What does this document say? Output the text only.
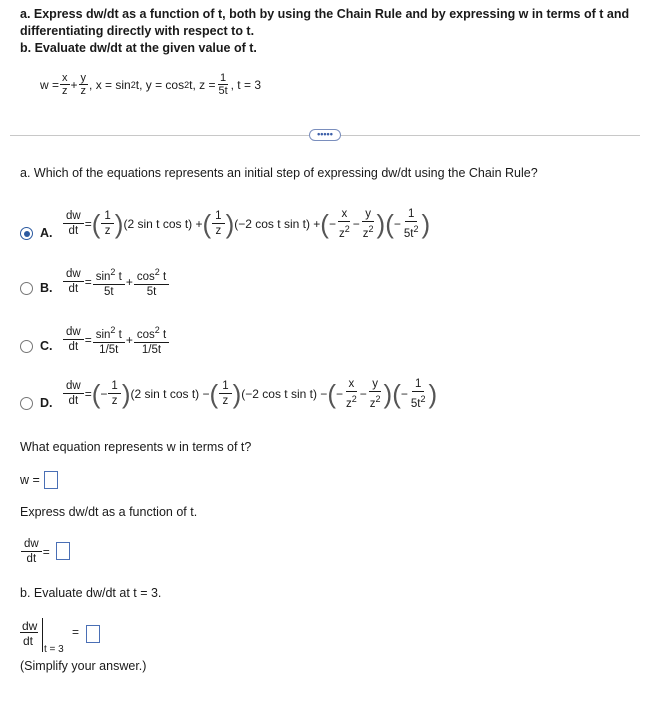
a. Express dw/dt as a function of t, both by using the Chain Rule and by expressing w in terms of t and differentiating directly with respect to t.

b. Evaluate dw/dt at the given value of t.

$w = \frac{x}{z} + \frac{y}{z}$ , x = sin 2 t, y = cos 2 t, $z = \frac{1}{5t}$ , t = 3
•••••
a. Which of the equations represents an initial step of expressing dw/dt using the Chain Rule?
A. $\frac{dw}{dt}$ = ( $\frac{1}{z}$ ) (2 sin t cos t) + ( $\frac{1}{z}$ ) (−2 cos t sin t) + ( − $\frac{x}{z^2} - \frac{y}{z^2}$ ) ( − $\frac{1}{5t^2}$ )
B. $\frac{dw}{dt} = \frac{\sin^2 t}{5t} + \frac{\cos^2 t}{5t}$
C. $\frac{dw}{dt} = \frac{\sin^2 t}{1/5t} + \frac{\cos^2 t}{1/5t}$
D. $\frac{dw}{dt}$ = ( − $\frac{1}{z}$ ) (2 sin t cos t) − ( $\frac{1}{z}$ ) (−2 cos t sin t) − ( − $\frac{x}{z^2} - \frac{y}{z^2}$ ) ( − $\frac{1}{5t^2}$ )
What equation represents w in terms of t?
w =
Express dw/dt as a function of t.
$\frac{dw}{dt}$ =
b. Evaluate dw/dt at t = 3.
dw
dt
t = 3
=
(Simplify your answer.)
